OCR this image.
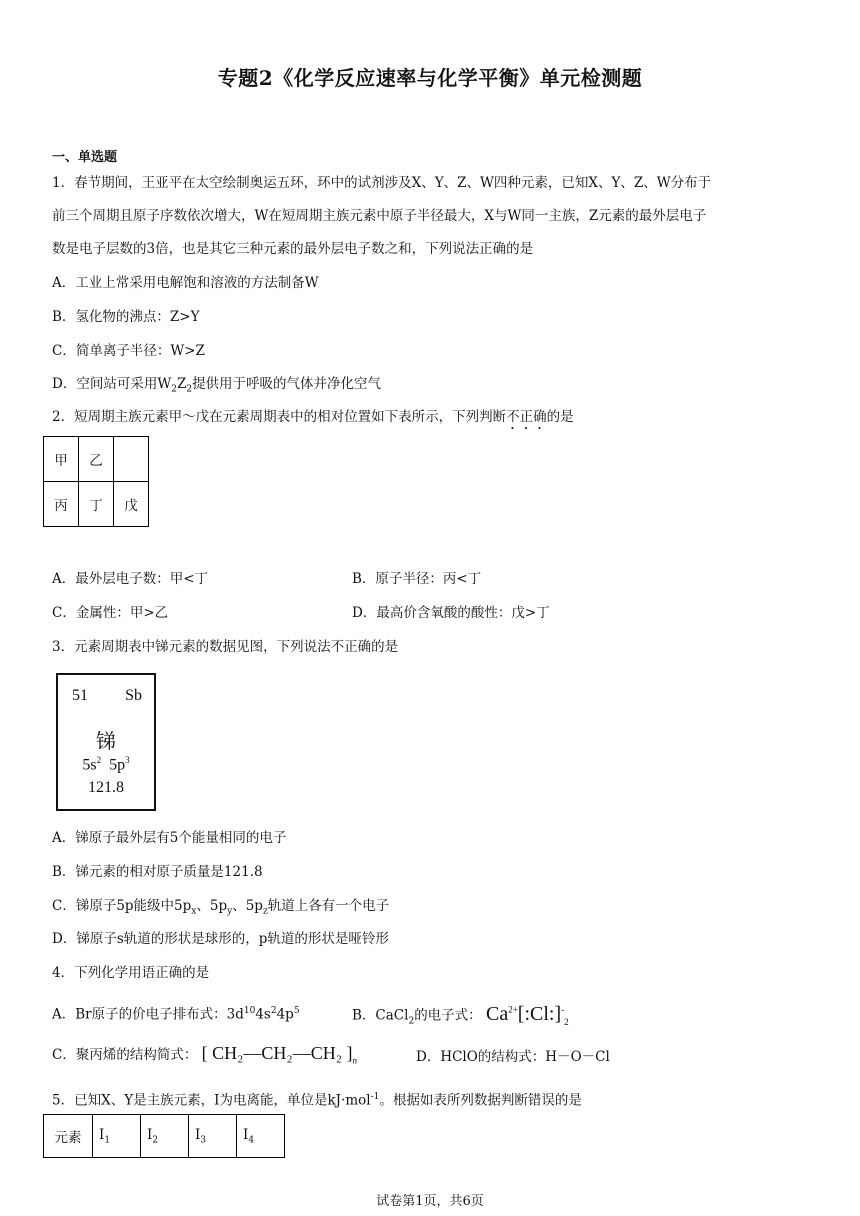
专题2《化学反应速率与化学平衡》单元检测题
一、单选题
1．春节期间，王亚平在太空绘制奥运五环，环中的试剂涉及X、Y、Z、W四种元素，已知X、Y、Z、W分布于
前三个周期且原子序数依次增大，W在短周期主族元素中原子半径最大，X与W同一主族，Z元素的最外层电子
数是电子层数的3倍，也是其它三种元素的最外层电子数之和，下列说法正确的是
A．工业上常采用电解饱和溶液的方法制备W
B．氢化物的沸点：Z>Y
C．简单离子半径：W>Z
D．空间站可采用$W_2Z_2$提供用于呼吸的气体并净化空气
2．短周期主族元素甲～戊在元素周期表中的相对位置如下表所示，下列判断不正确的是
甲	乙	
丙	丁	戊
A．最外层电子数：甲<丁	B．原子半径：丙<丁
C．金属性：甲>乙	D．最高价含氧酸的酸性：戊>丁
3．元素周期表中锑元素的数据见图，下列说法不正确的是
51 Sb
锑
$5s^2$ $5p^3$
121.8
A．锑原子最外层有5个能量相同的电子
B．锑元素的相对原子质量是121.8
C．锑原子5p能级中$5p_x$、$5p_y$、$5p_z$轨道上各有一个电子
D．锑原子s轨道的形状是球形的，p轨道的形状是哑铃形
4．下列化学用语正确的是
A．Br原子的价电子排布式：$3d^{10}4s^24p^5$	B．CaCl$_2$的电子式： $Ca^{2+}[:Cl:]^-_2$
C．聚丙烯的结构简式： [ CH₂—CH₂—CH₂ ]$_n$	D．HClO的结构式：H－O－Cl
5．已知X、Y是主族元素，I为电离能，单位是kJ·mol$^{-1}$。根据如表所列数据判断错误的是
元素	$I_1$	$I_2$	$I_3$	$I_4$
试卷第1页，共6页
